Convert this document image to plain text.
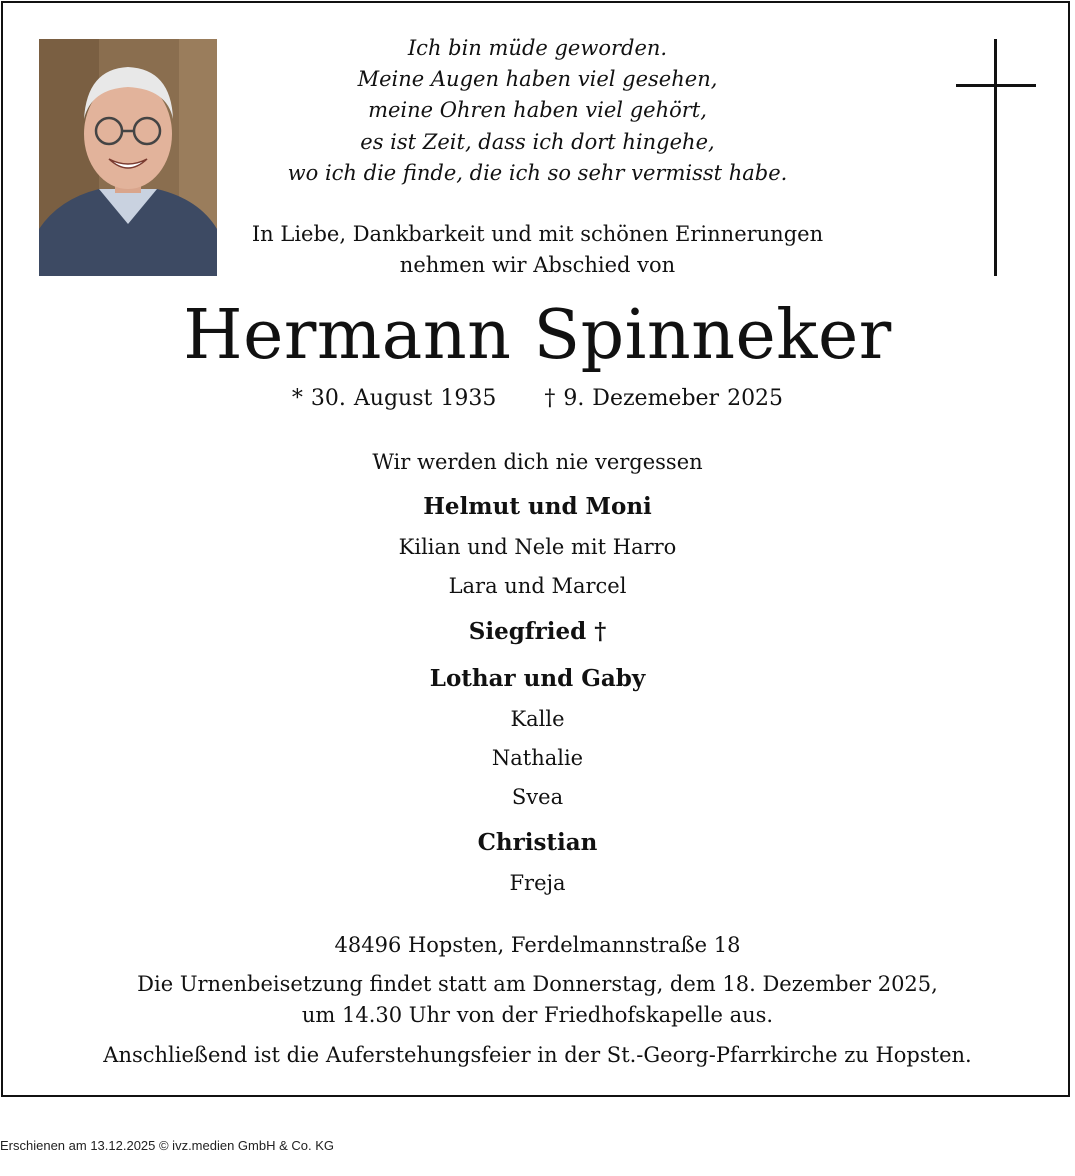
Ich bin müde geworden.
Meine Augen haben viel gesehen,
meine Ohren haben viel gehört,
es ist Zeit, dass ich dort hingehe,
wo ich die finde, die ich so sehr vermisst habe.
In Liebe, Dankbarkeit und mit schönen Erinnerungen
nehmen wir Abschied von
Hermann Spinneker
* 30. August 1935 † 9. Dezemeber 2025
Wir werden dich nie vergessen
Helmut und Moni
Kilian und Nele mit Harro
Lara und Marcel
Siegfried †
Lothar und Gaby
Kalle
Nathalie
Svea
Christian
Freja
48496 Hopsten, Ferdelmannstraße 18
Die Urnenbeisetzung findet statt am Donnerstag, dem 18. Dezember 2025,
um 14.30 Uhr von der Friedhofskapelle aus.
Anschließend ist die Auferstehungsfeier in der St.-Georg-Pfarrkirche zu Hopsten.
Erschienen am 13.12.2025 © ivz.medien GmbH & Co. KG
